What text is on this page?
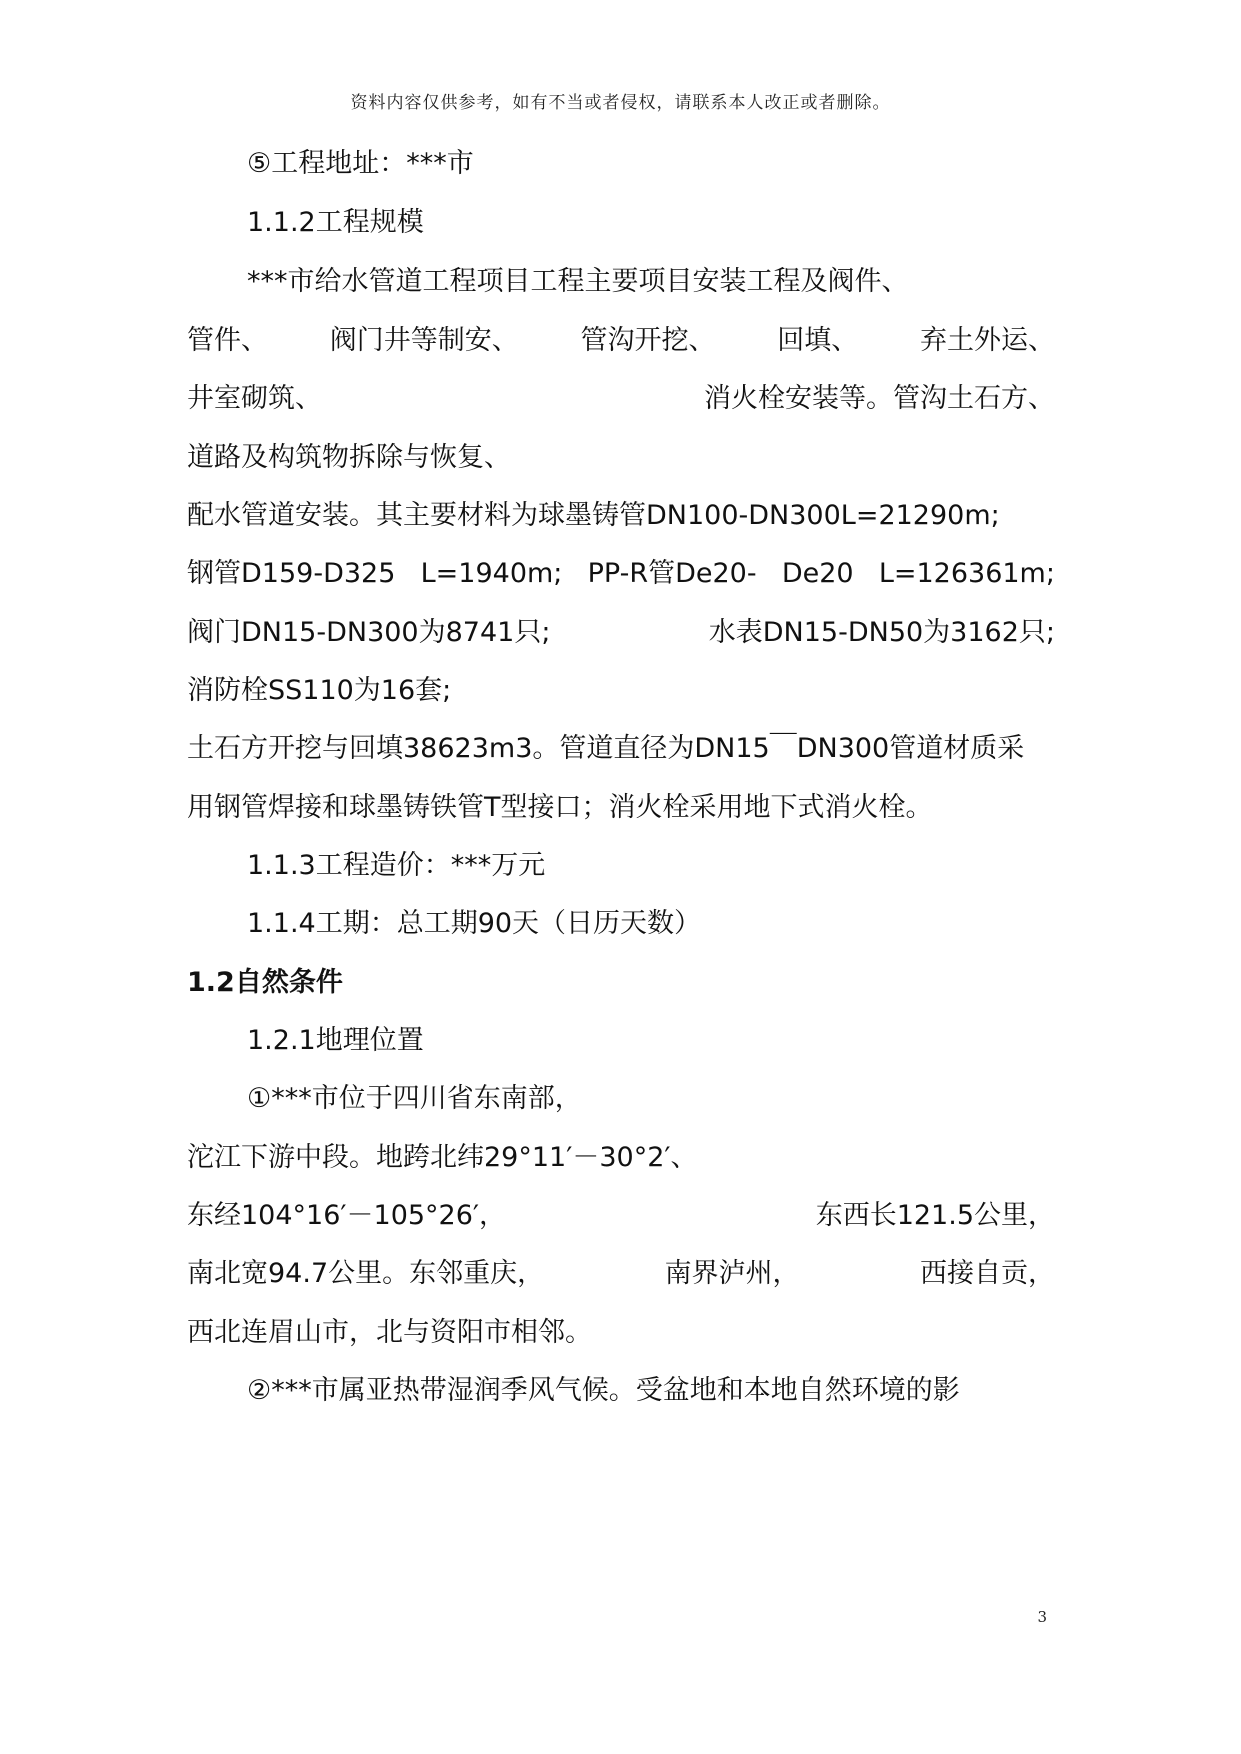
资料内容仅供参考，如有不当或者侵权，请联系本人改正或者删除。
⑤工程地址：***市
1.1.2工程规模
***市给水管道工程项目工程主要项目安装工程及阀件、
管件、 阀门井等制安、 管沟开挖、 回填、 弃土外运、
井室砌筑、	消火栓安装等。管沟土石方、
道路及构筑物拆除与恢复、
配水管道安装。其主要材料为球墨铸管DN100-DN300L=21290m;
钢管D159-D325 L=1940m; PP-R管De20- De20 L=126361m;
阀门DN15-DN300为8741只;	水表DN15-DN50为3162只;
消防栓SS110为16套;
土石方开挖与回填38623m3。管道直径为DN15￣DN300管道材质采
用钢管焊接和球墨铸铁管T型接口；消火栓采用地下式消火栓。
1.1.3工程造价：***万元
1.1.4工期：总工期90天（日历天数）
1.2自然条件
1.2.1地理位置
①***市位于四川省东南部，
沱江下游中段。地跨北纬29°11′－30°2′、
东经104°16′－105°26′，	东西长121.5公里，
南北宽94.7公里。东邻重庆，	南界泸州，	西接自贡，
西北连眉山市，北与资阳市相邻。
②***市属亚热带湿润季风气候。受盆地和本地自然环境的影
3
